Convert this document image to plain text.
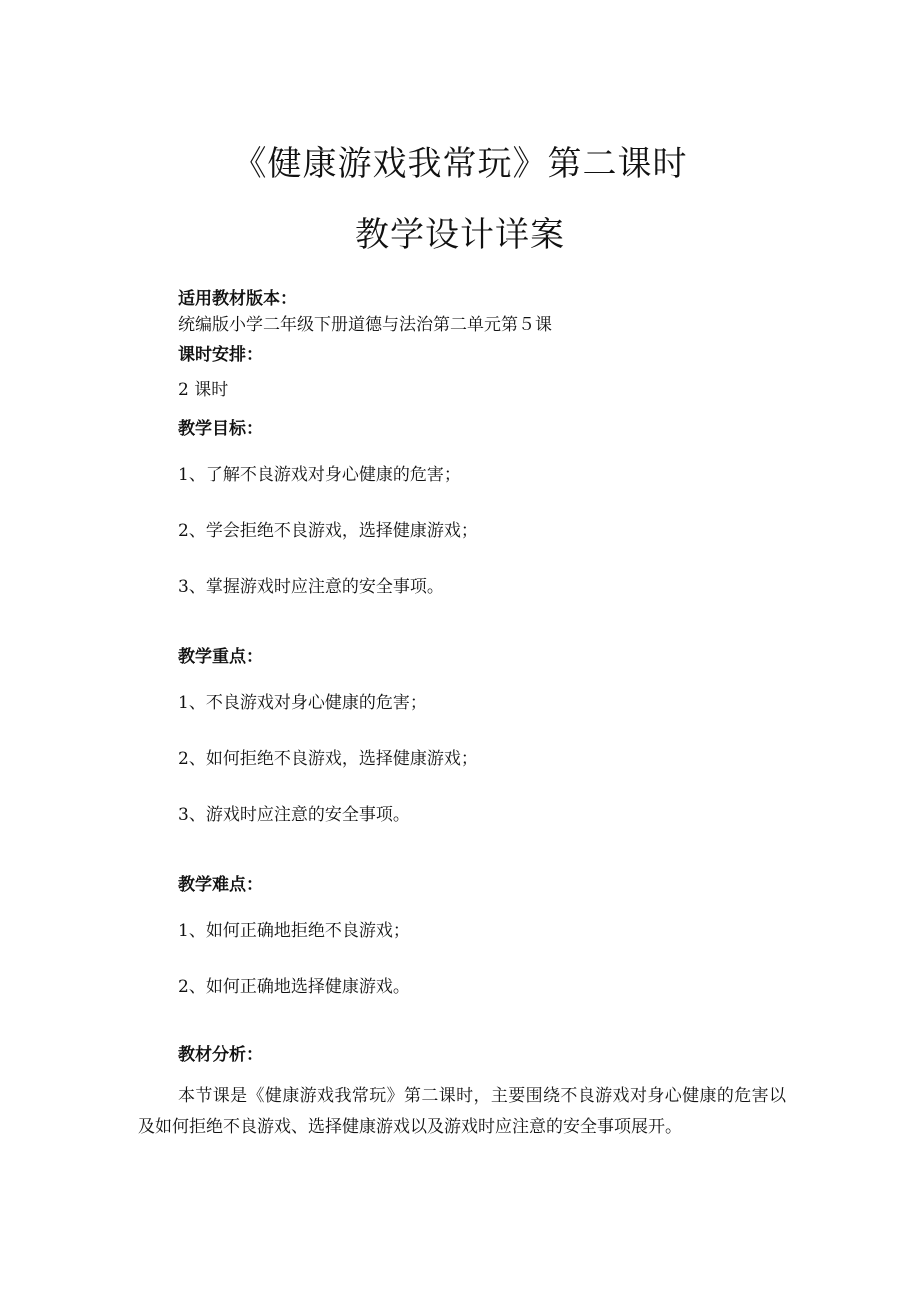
《健康游戏我常玩》第二课时
教学设计详案

适用教材版本：

统编版小学二年级下册道德与法治第二单元第５课

课时安排：

2 课时

教学目标：

1、了解不良游戏对身心健康的危害；

2、学会拒绝不良游戏，选择健康游戏；

3、掌握游戏时应注意的安全事项。

教学重点：

1、不良游戏对身心健康的危害；

2、如何拒绝不良游戏，选择健康游戏；

3、游戏时应注意的安全事项。

教学难点：

1、如何正确地拒绝不良游戏；

2、如何正确地选择健康游戏。

教材分析：

本节课是《健康游戏我常玩》第二课时，主要围绕不良游戏对身心健康的危害以及如何拒绝不良游戏、选择健康游戏以及游戏时应注意的安全事项展开。
